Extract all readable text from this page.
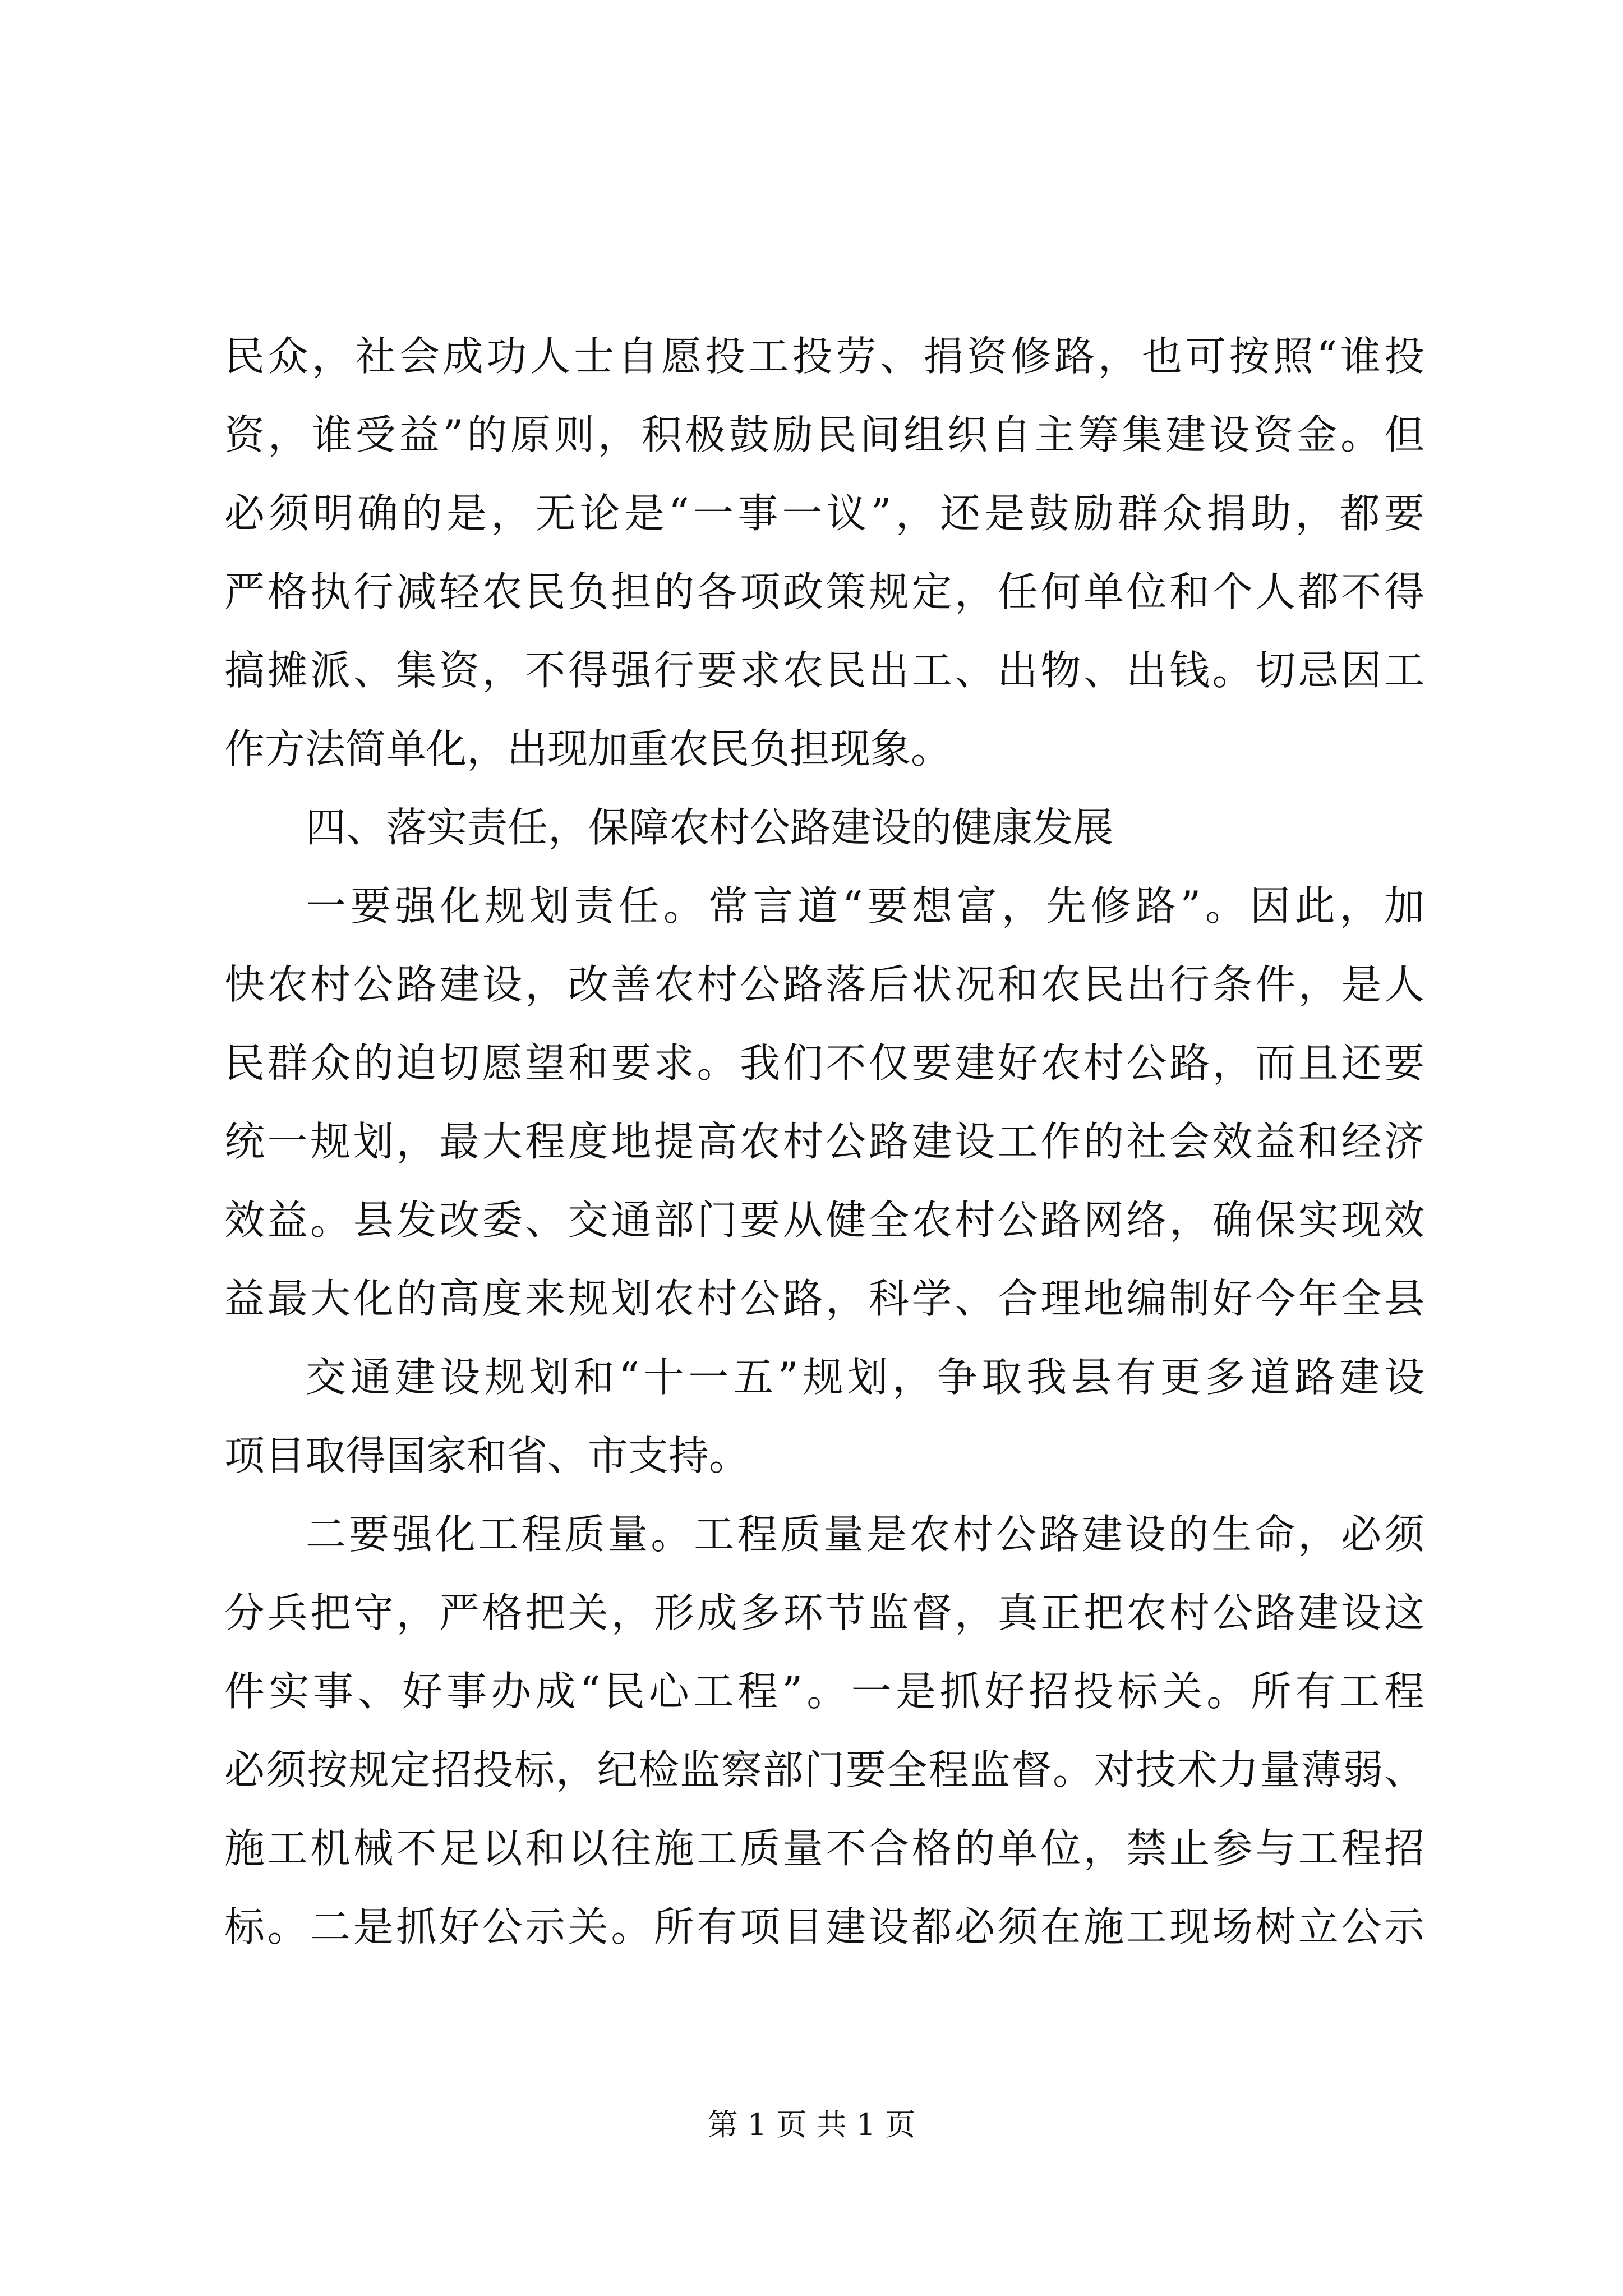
民众，社会成功人士自愿投工投劳、捐资修路，也可按照“谁投
资，谁受益”的原则，积极鼓励民间组织自主筹集建设资金。但
必须明确的是，无论是“一事一议”，还是鼓励群众捐助，都要
严格执行减轻农民负担的各项政策规定，任何单位和个人都不得
搞摊派、集资，不得强行要求农民出工、出物、出钱。切忌因工
作方法简单化，出现加重农民负担现象。
四、落实责任，保障农村公路建设的健康发展
一要强化规划责任。常言道“要想富，先修路”。因此，加
快农村公路建设，改善农村公路落后状况和农民出行条件，是人
民群众的迫切愿望和要求。我们不仅要建好农村公路，而且还要
统一规划，最大程度地提高农村公路建设工作的社会效益和经济
效益。县发改委、交通部门要从健全农村公路网络，确保实现效
益最大化的高度来规划农村公路，科学、合理地编制好今年全县
交通建设规划和“十一五”规划，争取我县有更多道路建设
项目取得国家和省、市支持。
二要强化工程质量。工程质量是农村公路建设的生命，必须
分兵把守，严格把关，形成多环节监督，真正把农村公路建设这
件实事、好事办成“民心工程”。一是抓好招投标关。所有工程
必须按规定招投标，纪检监察部门要全程监督。对技术力量薄弱、
施工机械不足以和以往施工质量不合格的单位，禁止参与工程招
标。二是抓好公示关。所有项目建设都必须在施工现场树立公示
第 1 页 共 1 页
